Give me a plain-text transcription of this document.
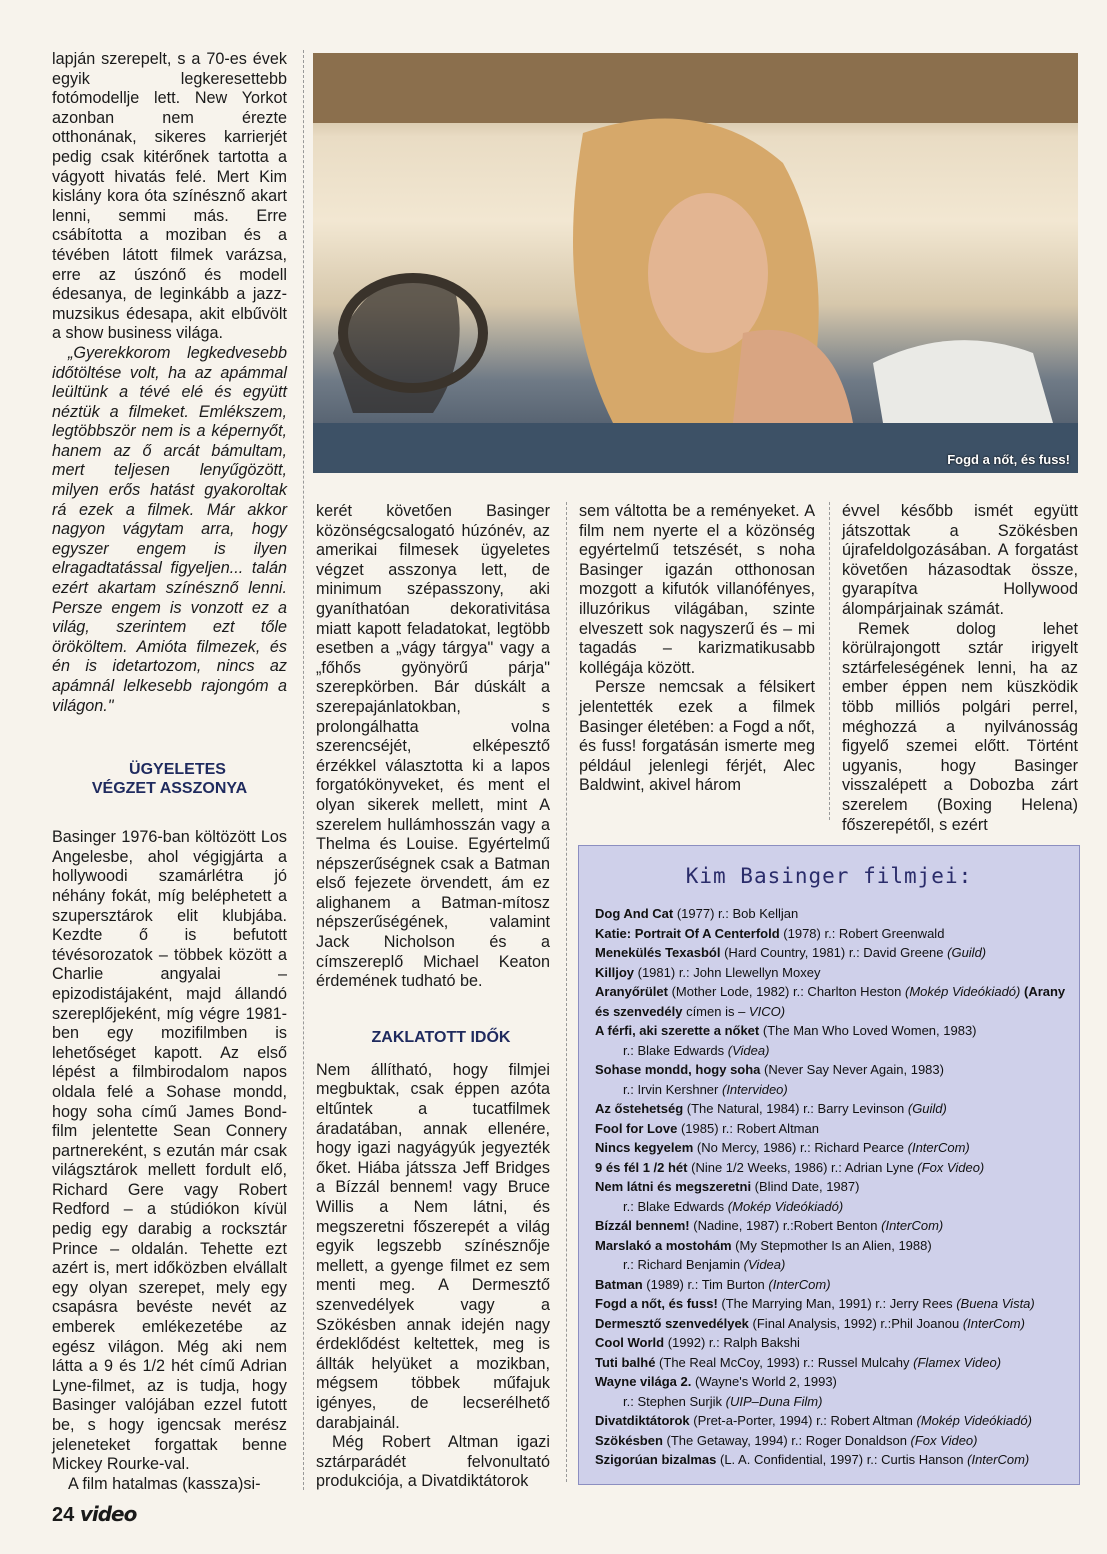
lapján szerepelt, s a 70-es évek egyik legkeresettebb fotómodellje lett. New Yorkot azonban nem érezte otthonának, sikeres karrierjét pedig csak kitérőnek tartotta a vágyott hivatás felé. Mert Kim kislány kora óta színésznő akart lenni, semmi más. Erre csábította a moziban és a tévében látott filmek varázsa, erre az úszónő és modell édesanya, de leginkább a jazz-muzsikus édesapa, akit elbűvölt a show business világa.

„Gyerekkorom legkedvesebb időtöltése volt, ha az apámmal leültünk a tévé elé és együtt néztük a filmeket. Emlékszem, legtöbbször nem is a képernyőt, hanem az ő arcát bámultam, mert teljesen lenyűgözött, milyen erős hatást gyakoroltak rá ezek a filmek. Már akkor nagyon vágytam arra, hogy egyszer engem is ilyen elragadtatással figyeljen... talán ezért akartam színésznő lenni. Persze engem is vonzott ez a világ, szerintem ezt tőle örököltem. Amióta filmezek, és én is idetartozom, nincs az apámnál lelkesebb rajongóm a világon."

ÜGYELETES VÉGZET ASSZONYA

Basinger 1976-ban költözött Los Angelesbe, ahol végigjárta a hollywoodi szamárlétra jó néhány fokát, míg beléphetett a szupersztárok elit klubjába. Kezdte ő is befutott tévésorozatok – többek között a Charlie angyalai – epizodistájaként, majd állandó szereplőjeként, míg végre 1981-ben egy mozifilmben is lehetőséget kapott. Az első lépést a filmbirodalom napos oldala felé a Sohase mondd, hogy soha című James Bond-film jelentette Sean Connery partnereként, s ezután már csak világsztárok mellett fordult elő, Richard Gere vagy Robert Redford – a stúdiókon kívül pedig egy darabig a rocksztár Prince – oldalán. Tehette ezt azért is, mert időközben elvállalt egy olyan szerepet, mely egy csapásra bevéste nevét az emberek emlékezetébe az egész világon. Még aki nem látta a 9 és 1/2 hét című Adrian Lyne-filmet, az is tudja, hogy Basinger valójában ezzel futott be, s hogy igencsak merész jeleneteket forgattak benne Mickey Rourke-val.

A film hatalmas (kassza)si-

Fogd a nőt, és fuss!

kerét követően Basinger közönségcsalogató húzónév, az amerikai filmesek ügyeletes végzet asszonya lett, de minimum szépasszony, aki gyaníthatóan dekorativitása miatt kapott feladatokat, legtöbb esetben a „vágy tárgya" vagy a „főhős gyönyörű párja" szerepkörben. Bár dúskált a szerepajánlatokban, s prolongálhatta volna szerencséjét, elképesztő érzékkel választotta ki a lapos forgatókönyveket, és ment el olyan sikerek mellett, mint A szerelem hullámhosszán vagy a Thelma és Louise. Egyértelmű népszerűségnek csak a Batman első fejezete örvendett, ám ez alighanem a Batman-mítosz népszerűségének, valamint Jack Nicholson és a címszereplő Michael Keaton érdemének tudható be.

ZAKLATOTT IDŐK

Nem állítható, hogy filmjei megbuktak, csak éppen azóta eltűntek a tucatfilmek áradatában, annak ellenére, hogy igazi nagyágyúk jegyezték őket. Hiába játssza Jeff Bridges a Bízzál bennem! vagy Bruce Willis a Nem látni, és megszeretni főszerepét a világ egyik legszebb színésznője mellett, a gyenge filmet ez sem menti meg. A Dermesztő szenvedélyek vagy a Szökésben annak idején nagy érdeklődést keltettek, meg is állták helyüket a mozikban, mégsem többek műfajuk igényes, de lecserélhető darabjainál.

Még Robert Altman igazi sztárparádét felvonultató produkciója, a Divatdiktátorok

sem váltotta be a reményeket. A film nem nyerte el a közönség egyértelmű tetszését, s noha Basinger igazán otthonosan mozgott a kifutók villanófényes, illuzórikus világában, szinte elveszett sok nagyszerű és – mi tagadás – karizmatikusabb kollégája között.

Persze nemcsak a félsikert jelentették ezek a filmek Basinger életében: a Fogd a nőt, és fuss! forgatásán ismerte meg például jelenlegi férjét, Alec Baldwint, akivel három

évvel később ismét együtt játszottak a Szökésben újrafeldolgozásában. A forgatást követően házasodtak össze, gyarapítva Hollywood álompárjainak számát.

Remek dolog lehet körülrajongott sztár irigyelt sztárfeleségének lenni, ha az ember éppen nem küszködik több milliós polgári perrel, méghozzá a nyilvánosság figyelő szemei előtt. Történt ugyanis, hogy Basinger visszalépett a Dobozba zárt szerelem (Boxing Helena) főszerepétől, s ezért

Kim Basinger filmjei:
Dog And Cat (1977) r.: Bob Kelljan
Katie: Portrait Of A Centerfold (1978) r.: Robert Greenwald
Menekülés Texasból (Hard Country, 1981) r.: David Greene (Guild)
Killjoy (1981) r.: John Llewellyn Moxey
Aranyőrület (Mother Lode, 1982) r.: Charlton Heston (Mokép Videókiadó) (Arany
és szenvedély címen is – VICO)
A férfi, aki szerette a nőket (The Man Who Loved Women, 1983)
r.: Blake Edwards (Videa)
Sohase mondd, hogy soha (Never Say Never Again, 1983)
r.: Irvin Kershner (Intervideo)
Az őstehetség (The Natural, 1984) r.: Barry Levinson (Guild)
Fool for Love (1985) r.: Robert Altman
Nincs kegyelem (No Mercy, 1986) r.: Richard Pearce (InterCom)
9 és fél 1 /2 hét (Nine 1/2 Weeks, 1986) r.: Adrian Lyne (Fox Video)
Nem látni és megszeretni (Blind Date, 1987)
r.: Blake Edwards (Mokép Videókiadó)
Bízzál bennem! (Nadine, 1987) r.:Robert Benton (InterCom)
Marslakó a mostohám (My Stepmother Is an Alien, 1988)
r.: Richard Benjamin (Videa)
Batman (1989) r.: Tim Burton (InterCom)
Fogd a nőt, és fuss! (The Marrying Man, 1991) r.: Jerry Rees (Buena Vista)
Dermesztő szenvedélyek (Final Analysis, 1992) r.:Phil Joanou (InterCom)
Cool World (1992) r.: Ralph Bakshi
Tuti balhé (The Real McCoy, 1993) r.: Russel Mulcahy (Flamex Video)
Wayne világa 2. (Wayne's World 2, 1993)
r.: Stephen Surjik (UIP–Duna Film)
Divatdiktátorok (Pret-a-Porter, 1994) r.: Robert Altman (Mokép Videókiadó)
Szökésben (The Getaway, 1994) r.: Roger Donaldson (Fox Video)
Szigorúan bizalmas (L. A. Confidential, 1997) r.: Curtis Hanson (InterCom)
24 video
